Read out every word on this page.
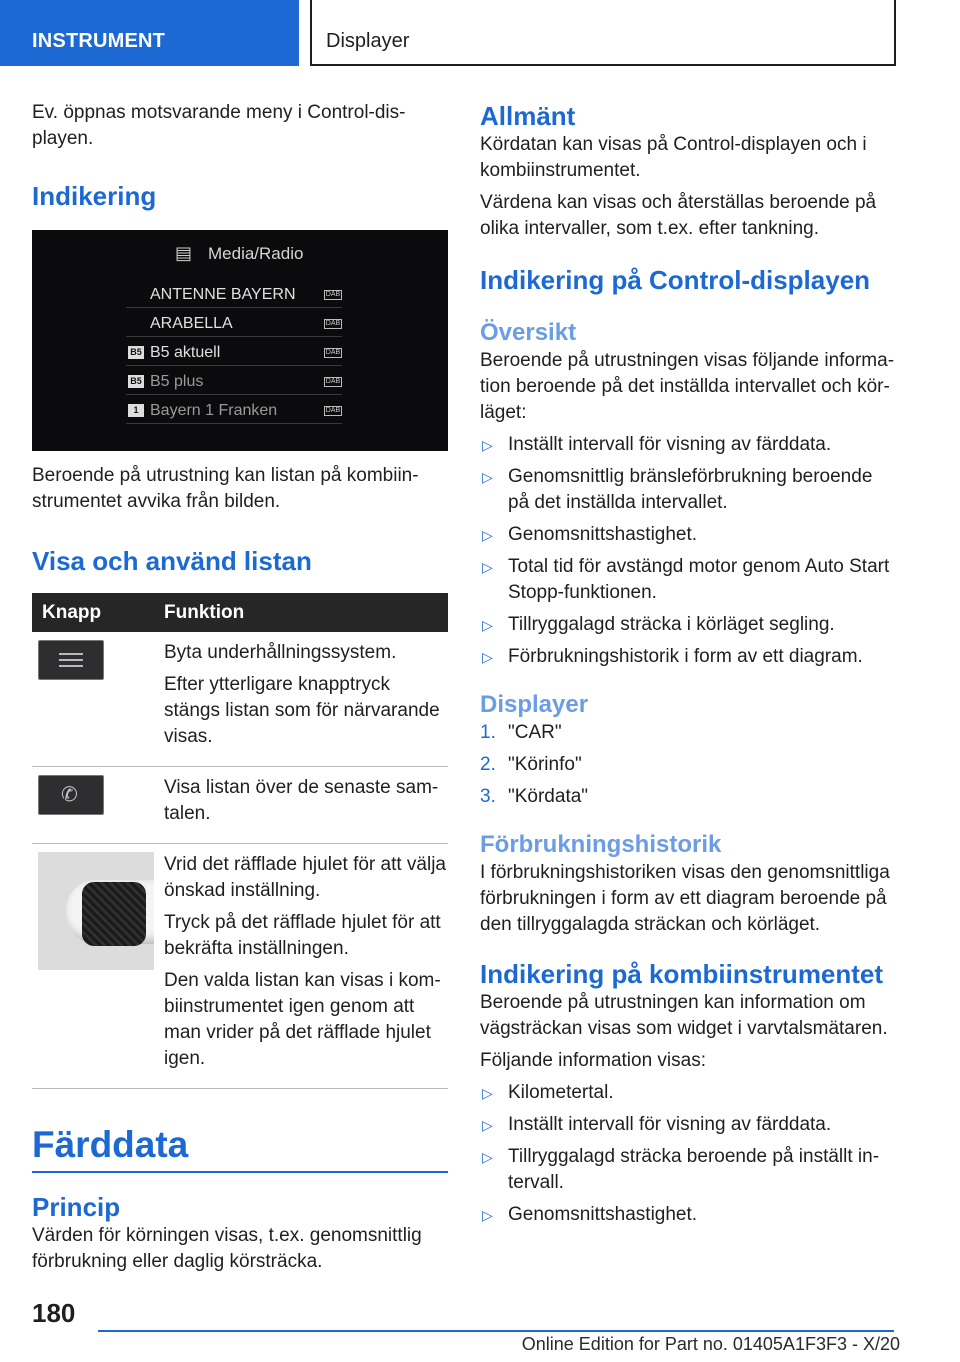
INSTRUMENT	Displayer

Ev. öppnas motsvarande meny i Control-displayen.

Indikering
▤ Media/Radio
ANTENNE BAYERN	DAB
ARABELLA	DAB
B5 B5 aktuell	DAB
B5 B5 plus	DAB
1 Bayern 1 Franken	DAB

Beroende på utrustning kan listan på kombiinstrumentet avvika från bilden.

Visa och använd listan
Knapp	Funktion

	Byta underhållningssystem.

Efter ytterligare knapptryck stängs listan som för närvarande visas.

✆	Visa listan över de senaste samtalen.

	Vrid det räfflade hjulet för att välja önskad inställning.

Tryck på det räfflade hjulet för att bekräfta inställningen.

Den valda listan kan visas i kombiinstrumentet igen genom att man vrider på det räfflade hjulet igen.

Färddata
Princip

Värden för körningen visas, t.ex. genomsnittlig förbrukning eller daglig körsträcka.

Allmänt

Kördatan kan visas på Control-displayen och i kombiinstrumentet.

Värdena kan visas och återställas beroende på olika intervaller, som t.ex. efter tankning.

Indikering på Control-displayen
Översikt

Beroende på utrustningen visas följande information beroende på det inställda intervallet och körläget:

▷ Inställt intervall för visning av färddata.
▷ Genomsnittlig bränsleförbrukning beroende på det inställda intervallet.
▷ Genomsnittshastighet.
▷ Total tid för avstängd motor genom Auto Start Stopp-funktionen.
▷ Tillryggalagd sträcka i körläget segling.
▷ Förbrukningshistorik i form av ett diagram.
Displayer
1. "CAR"
2. "Körinfo"
3. "Kördata"
Förbrukningshistorik

I förbrukningshistoriken visas den genomsnittliga förbrukningen i form av ett diagram beroende på den tillryggalagda sträckan och körläget.

Indikering på kombiinstrumentet

Beroende på utrustningen kan information om vägsträckan visas som widget i varvtalsmätaren.

Följande information visas:

▷ Kilometertal.
▷ Inställt intervall för visning av färddata.
▷ Tillryggalagd sträcka beroende på inställt intervall.
▷ Genomsnittshastighet.
180
Online Edition for Part no. 01405A1F3F3 - X/20
